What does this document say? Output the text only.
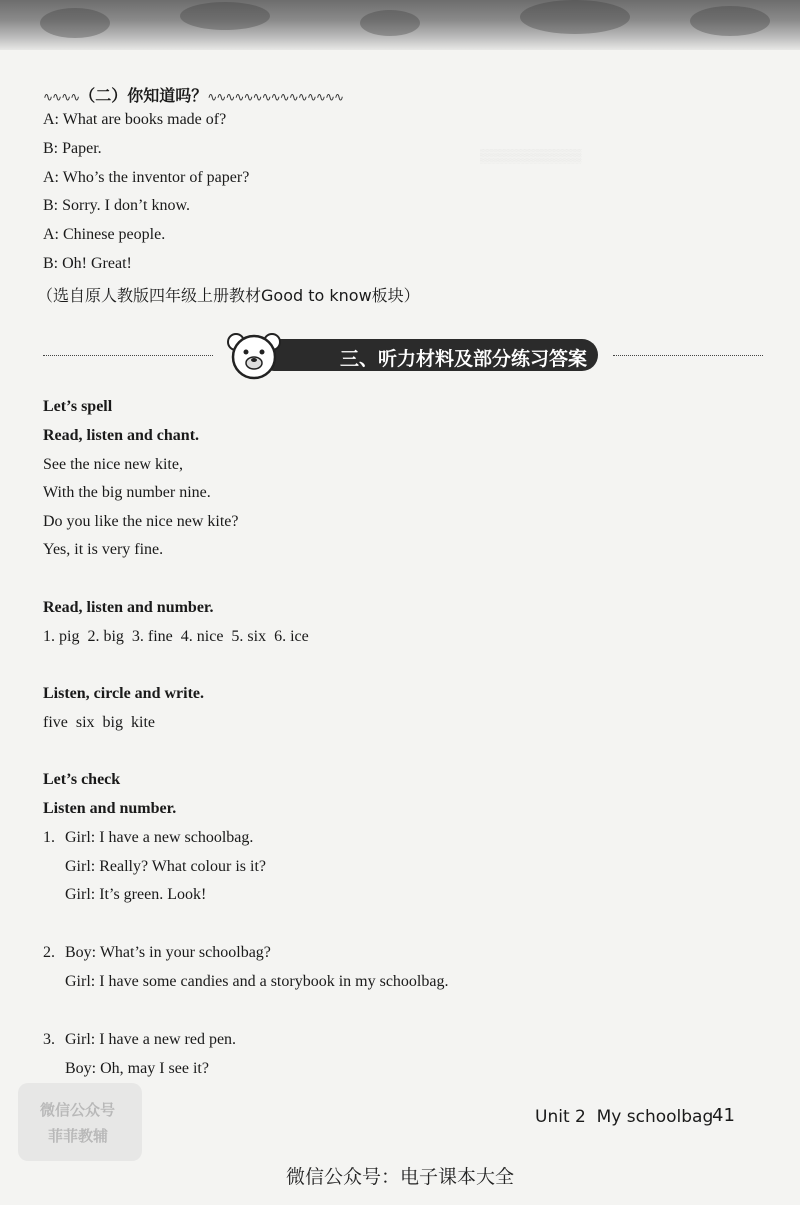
▒▒▒▒▒▒▒▒▒▒▒
∿∿∿∿（二）你知道吗？∿∿∿∿∿∿∿∿∿∿∿∿∿∿∿
A: What are books made of?
B: Paper.
A: Who’s the inventor of paper?
B: Sorry. I don’t know.
A: Chinese people.
B: Oh! Great!
（选自原人教版四年级上册教材Good to know板块）
三、听力材料及部分练习答案
Let’s spell
Read, listen and chant.
See the nice new kite,
With the big number nine.
Do you like the nice new kite?
Yes, it is very fine.
Read, listen and number.
1. pig  2. big  3. fine  4. nice  5. six  6. ice
Listen, circle and write.
five  six  big  kite
Let’s check
Listen and number.
1. Girl: I have a new schoolbag.
Girl: Really? What colour is it?
Girl: It’s green. Look!
2. Boy: What’s in your schoolbag?
Girl: I have some candies and a storybook in my schoolbag.
3. Girl: I have a new red pen.
Boy: Oh, may I see it?
微信公众号
菲菲教辅
Unit 2  My schoolbag
41
微信公众号：电子课本大全
